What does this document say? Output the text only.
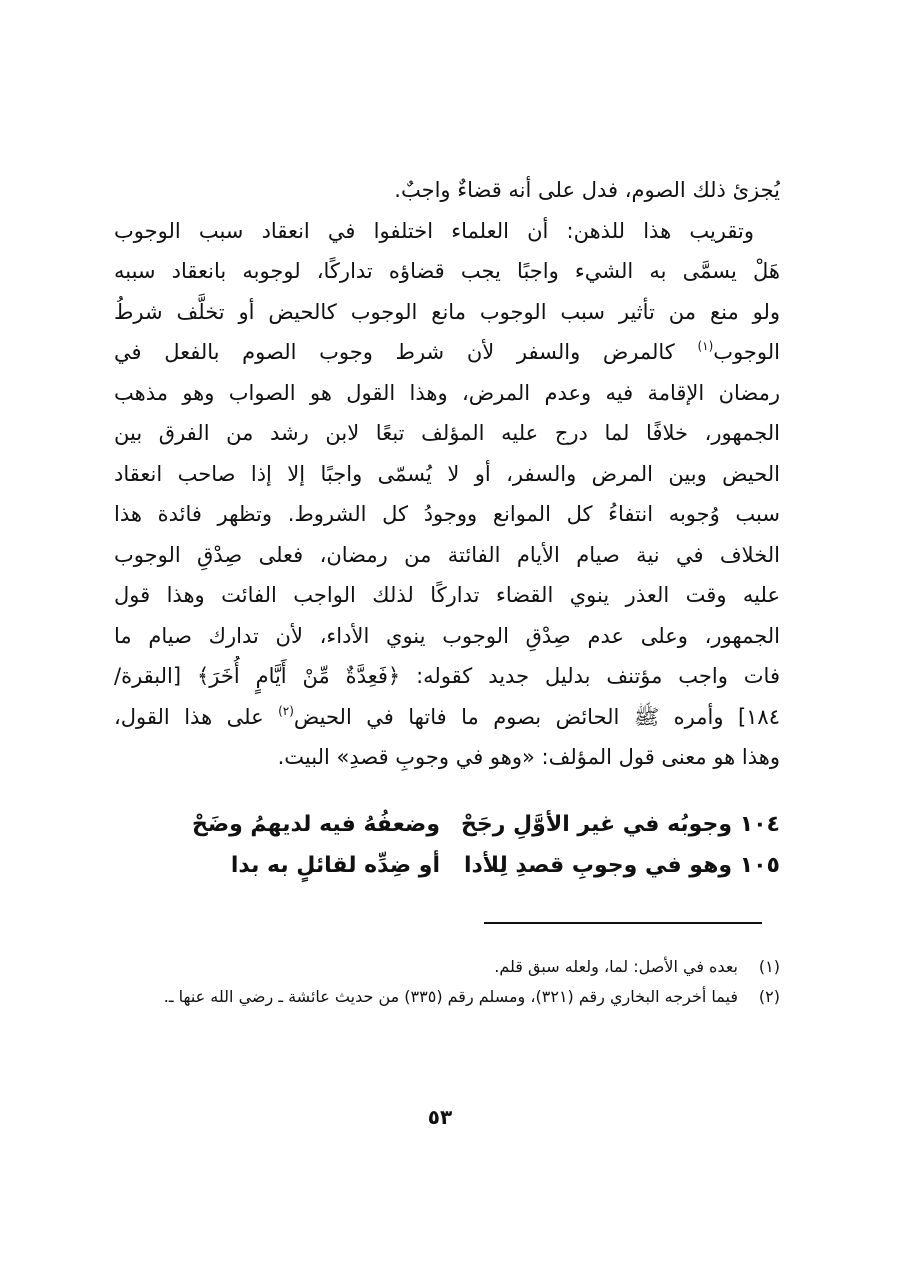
يُجزئ ذلك الصوم، فدل على أنه قضاءٌ واجبٌ.
وتقريب هذا للذهن: أن العلماء اختلفوا في انعقاد سبب الوجوب
هَلْ يسمَّى به الشيء واجبًا يجب قضاؤه تداركًا، لوجوبه بانعقاد سببه
ولو منع من تأثير سبب الوجوب مانع الوجوب كالحيض أو تخلَّف شرطُ
الوجوب$^{(١)}$ كالمرض والسفر لأن شرط وجوب الصوم بالفعل في
رمضان الإقامة فيه وعدم المرض، وهذا القول هو الصواب وهو مذهب
الجمهور، خلافًا لما درج عليه المؤلف تبعًا لابن رشد من الفرق بين
الحيض وبين المرض والسفر، أو لا يُسمّى واجبًا إلا إذا صاحب انعقاد
سبب وُجوبه انتفاءُ كل الموانع ووجودُ كل الشروط. وتظهر فائدة هذا
الخلاف في نية صيام الأيام الفائتة من رمضان، فعلى صِدْقِ الوجوب
عليه وقت العذر ينوي القضاء تداركًا لذلك الواجب الفائت وهذا قول
الجمهور، وعلى عدم صِدْقِ الوجوب ينوي الأداء، لأن تدارك صيام ما
فات واجب مؤتنف بدليل جديد كقوله: ﴿فَعِدَّةٌ مِّنْ أَيَّامٍ أُخَرَ﴾ [البقرة/
١٨٤] وأمره ﷺ الحائض بصوم ما فاتها في الحيض$^{(٢)}$ على هذا القول،
وهذا هو معنى قول المؤلف: «وهو في وجوبِ قصدِ» البيت.
١٠٤وجوبُه في غير الأوَّلِ رجَحْوضعفُهُ فيه لديهمُ وضَحْ
١٠٥وهو في وجوبِ قصدِ لِلأداأو ضِدِّه لقائلٍ به بدا
(١)
بعده في الأصل: لما، ولعله سبق قلم.
(٢)
فيما أخرجه البخاري رقم (٣٢١)، ومسلم رقم (٣٣٥) من حديث عائشة ـ رضي الله عنها ـ.
٥٣
